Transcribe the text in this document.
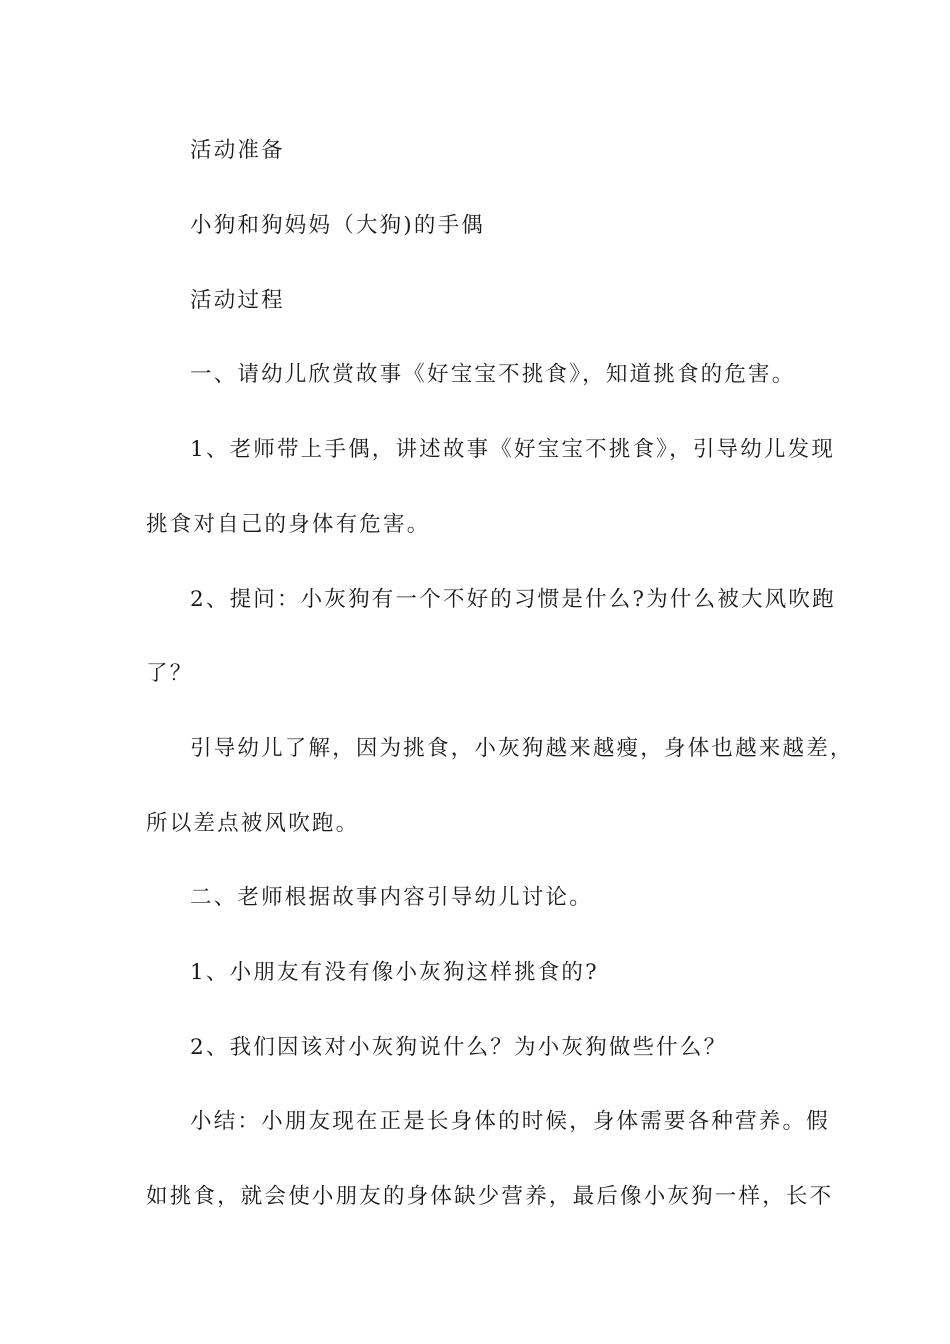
活动准备
小狗和狗妈妈（大狗)的手偶
活动过程
一、请幼儿欣赏故事《好宝宝不挑食》，知道挑食的危害。
1、老师带上手偶，讲述故事《好宝宝不挑食》，引导幼儿发现
挑食对自己的身体有危害。
2、提问：小灰狗有一个不好的习惯是什么?为什么被大风吹跑
了？
引导幼儿了解，因为挑食，小灰狗越来越瘦，身体也越来越差，
所以差点被风吹跑。
二、老师根据故事内容引导幼儿讨论。
1、小朋友有没有像小灰狗这样挑食的?
2、我们因该对小灰狗说什么？为小灰狗做些什么？
小结：小朋友现在正是长身体的时候，身体需要各种营养。假
如挑食，就会使小朋友的身体缺少营养，最后像小灰狗一样，长不
